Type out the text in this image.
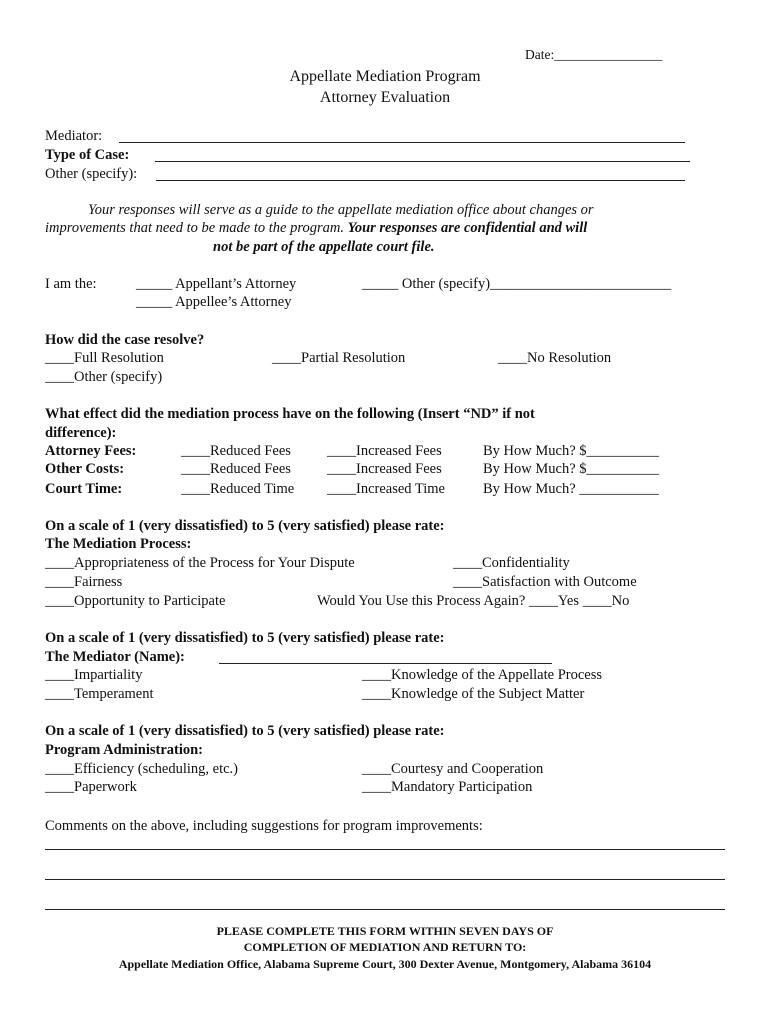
Date:________________
Appellate Mediation Program
Attorney Evaluation
Mediator:
Type of Case:
Other (specify):
Your responses will serve as a guide to the appellate mediation office about changes or
improvements that need to be made to the program. Your responses are confidential and will
not be part of the appellate court file.
I am the:	_____ Appellant’s Attorney
_____ Appellee’s Attorney
_____ Other (specify)_________________________
How did the case resolve?
____Full Resolution	____Partial Resolution	____No Resolution
____Other (specify)
What effect did the mediation process have on the following (Insert “ND” if not
difference):
Attorney Fees:	____Reduced Fees ____Increased Fees	By How Much? $__________
Other Costs:	____Reduced Fees ____Increased Fees	By How Much? $__________
Court Time:	____Reduced Time ____Increased Time	By How Much? ___________
On a scale of 1 (very dissatisfied) to 5 (very satisfied) please rate:
The Mediation Process:
____Appropriateness of the Process for Your Dispute	____Confidentiality
____Fairness	____Satisfaction with Outcome
____Opportunity to Participate	Would You Use this Process Again? ____Yes ____No
On a scale of 1 (very dissatisfied) to 5 (very satisfied) please rate:
The Mediator (Name):
____Impartiality	____Knowledge of the Appellate Process
____Temperament	____Knowledge of the Subject Matter
On a scale of 1 (very dissatisfied) to 5 (very satisfied) please rate:
Program Administration:
____Efficiency (scheduling, etc.)	____Courtesy and Cooperation
____Paperwork	____Mandatory Participation
Comments on the above, including suggestions for program improvements:
PLEASE COMPLETE THIS FORM WITHIN SEVEN DAYS OF
COMPLETION OF MEDIATION AND RETURN TO:
Appellate Mediation Office, Alabama Supreme Court, 300 Dexter Avenue, Montgomery, Alabama 36104
